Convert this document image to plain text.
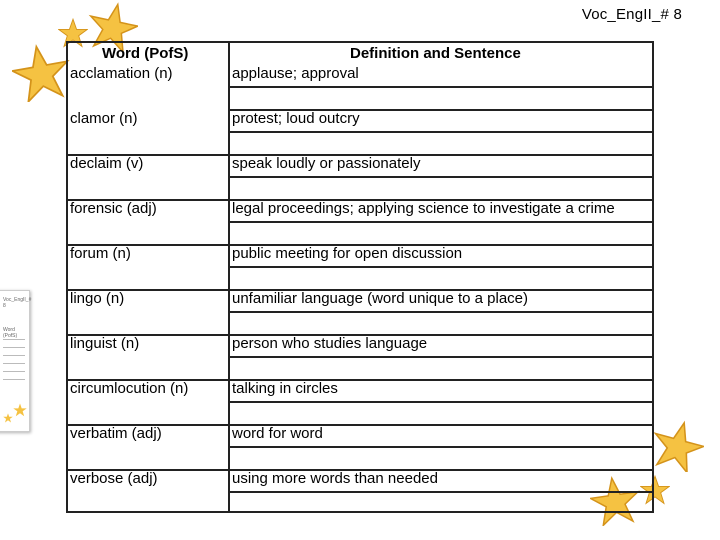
Voc_EngII_# 8
Voc_EngII_# 8
Word (PofS)
Word (PofS)	Definition and Sentence
acclamation (n)	applause; approval
clamor (n)	protest; loud outcry
declaim (v)	speak loudly or passionately
forensic (adj)	legal proceedings; applying science to investigate a crime
forum (n)	public meeting for open discussion
lingo (n)	unfamiliar language (word unique to a place)
linguist (n)	person who studies language
circumlocution (n)	talking in circles
verbatim (adj)	word for word
verbose (adj)	using more words than needed
